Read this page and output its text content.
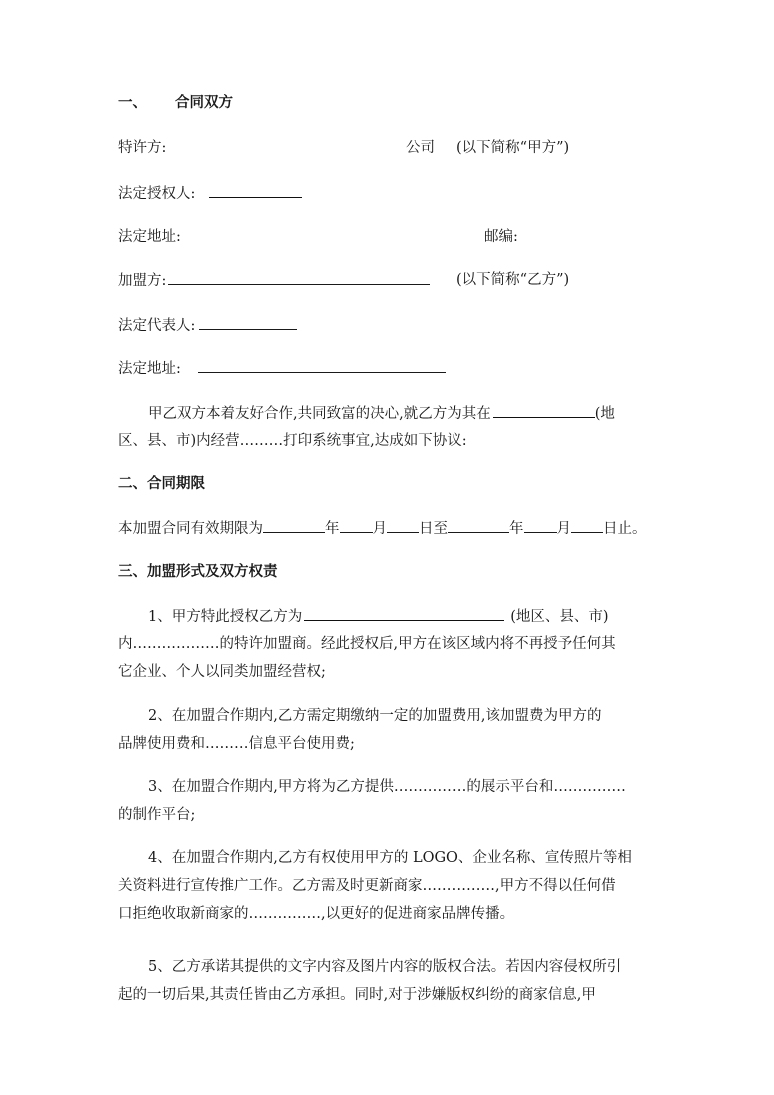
一、 合同双方
特许方:	公司 (以下简称“甲方”)
法定授权人:
法定地址:	邮编:
加盟方:	(以下简称“乙方”)
法定代表人:
法定地址:
甲乙双方本着友好合作,共同致富的决心,就乙方为其在	(地
区、县、市)内经营………打印系统事宜,达成如下协议:
二、合同期限
本加盟合同有效期限为	年 月 日至	年 月 日止。
三、加盟形式及双方权责
1、甲方特此授权乙方为	(地区、县、市)
内………………的特许加盟商。经此授权后,甲方在该区域内将不再授予任何其
它企业、个人以同类加盟经营权;
2、在加盟合作期内,乙方需定期缴纳一定的加盟费用,该加盟费为甲方的
品牌使用费和………信息平台使用费;
3、在加盟合作期内,甲方将为乙方提供……………的展示平台和……………
的制作平台;
4、在加盟合作期内,乙方有权使用甲方的 LOGO、企业名称、宣传照片等相
关资料进行宣传推广工作。乙方需及时更新商家……………,甲方不得以任何借
口拒绝收取新商家的……………,以更好的促进商家品牌传播。
5、乙方承诺其提供的文字内容及图片内容的版权合法。若因内容侵权所引
起的一切后果,其责任皆由乙方承担。同时,对于涉嫌版权纠纷的商家信息,甲
